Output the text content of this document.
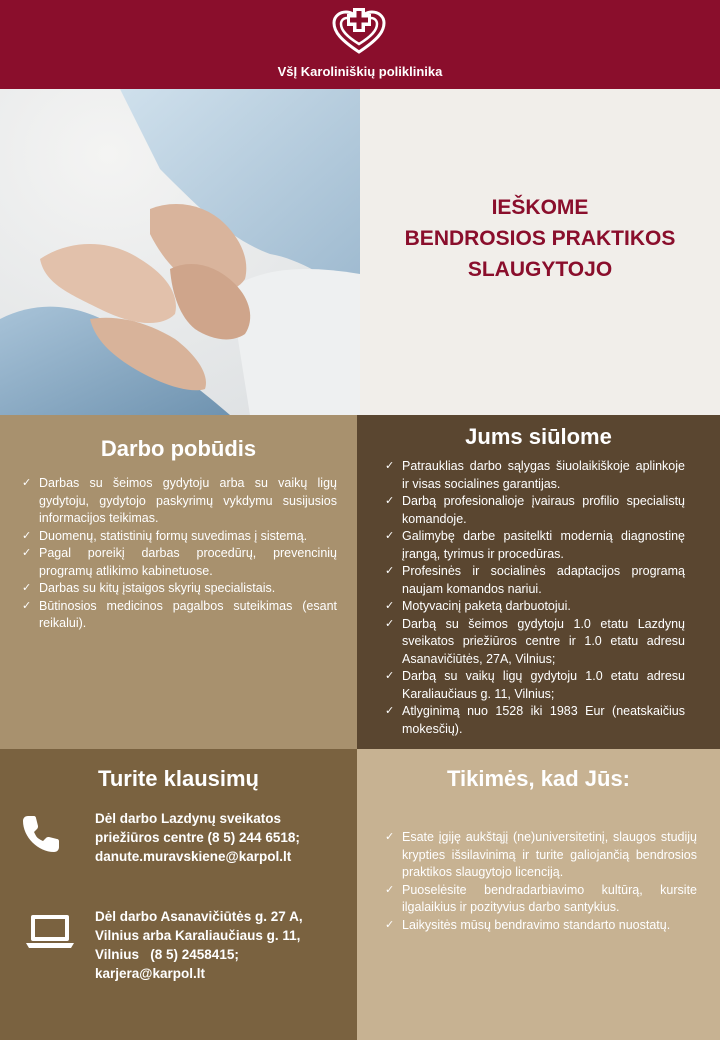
VšĮ Karoliniškių poliklinika
IEŠKOME
BENDROSIOS PRAKTIKOS
SLAUGYTOJO
Darbo pobūdis
✓ Darbas su šeimos gydytoju arba su vaikų ligų gydytoju, gydytojo paskyrimų vykdymu susijusios informacijos teikimas.
✓ Duomenų, statistinių formų suvedimas į sistemą.
✓ Pagal poreikį darbas procedūrų, prevencinių programų atlikimo kabinetuose.
✓ Darbas su kitų įstaigos skyrių specialistais.
✓ Būtinosios medicinos pagalbos suteikimas (esant reikalui).
Jums siūlome
✓ Patrauklias darbo sąlygas šiuolaikiškoje aplinkoje ir visas socialines garantijas.
✓ Darbą profesionalioje įvairaus profilio specialistų komandoje.
✓ Galimybę darbe pasitelkti modernią diagnostinę įrangą, tyrimus ir procedūras.
✓ Profesinės ir socialinės adaptacijos programą naujam komandos nariui.
✓ Motyvacinį paketą darbuotojui.
✓ Darbą su šeimos gydytoju 1.0 etatu Lazdynų sveikatos priežiūros centre ir 1.0 etatu adresu Asanavičiūtės, 27A, Vilnius;
✓ Darbą su vaikų ligų gydytoju 1.0 etatu adresu Karaliaučiaus g. 11, Vilnius;
✓ Atlyginimą nuo 1528 iki 1983 Eur (neatskaičius mokesčių).
Turite klausimų
Dėl darbo Lazdynų sveikatos
priežiūros centre (8 5) 244 6518;
danute.muravskiene@karpol.lt
Dėl darbo Asanavičiūtės g. 27 A,
Vilnius arba Karaliaučiaus g. 11,
Vilnius   (8 5) 2458415;
karjera@karpol.lt
Tikimės, kad Jūs:
✓ Esate įgiję aukštąjį (ne)universitetinį, slaugos studijų krypties išsilavinimą ir turite galiojančią bendrosios praktikos slaugytojo licenciją.
✓ Puoselėsite bendradarbiavimo kultūrą, kursite ilgalaikius ir pozityvius darbo santykius.
✓ Laikysitės mūsų bendravimo standarto nuostatų.
